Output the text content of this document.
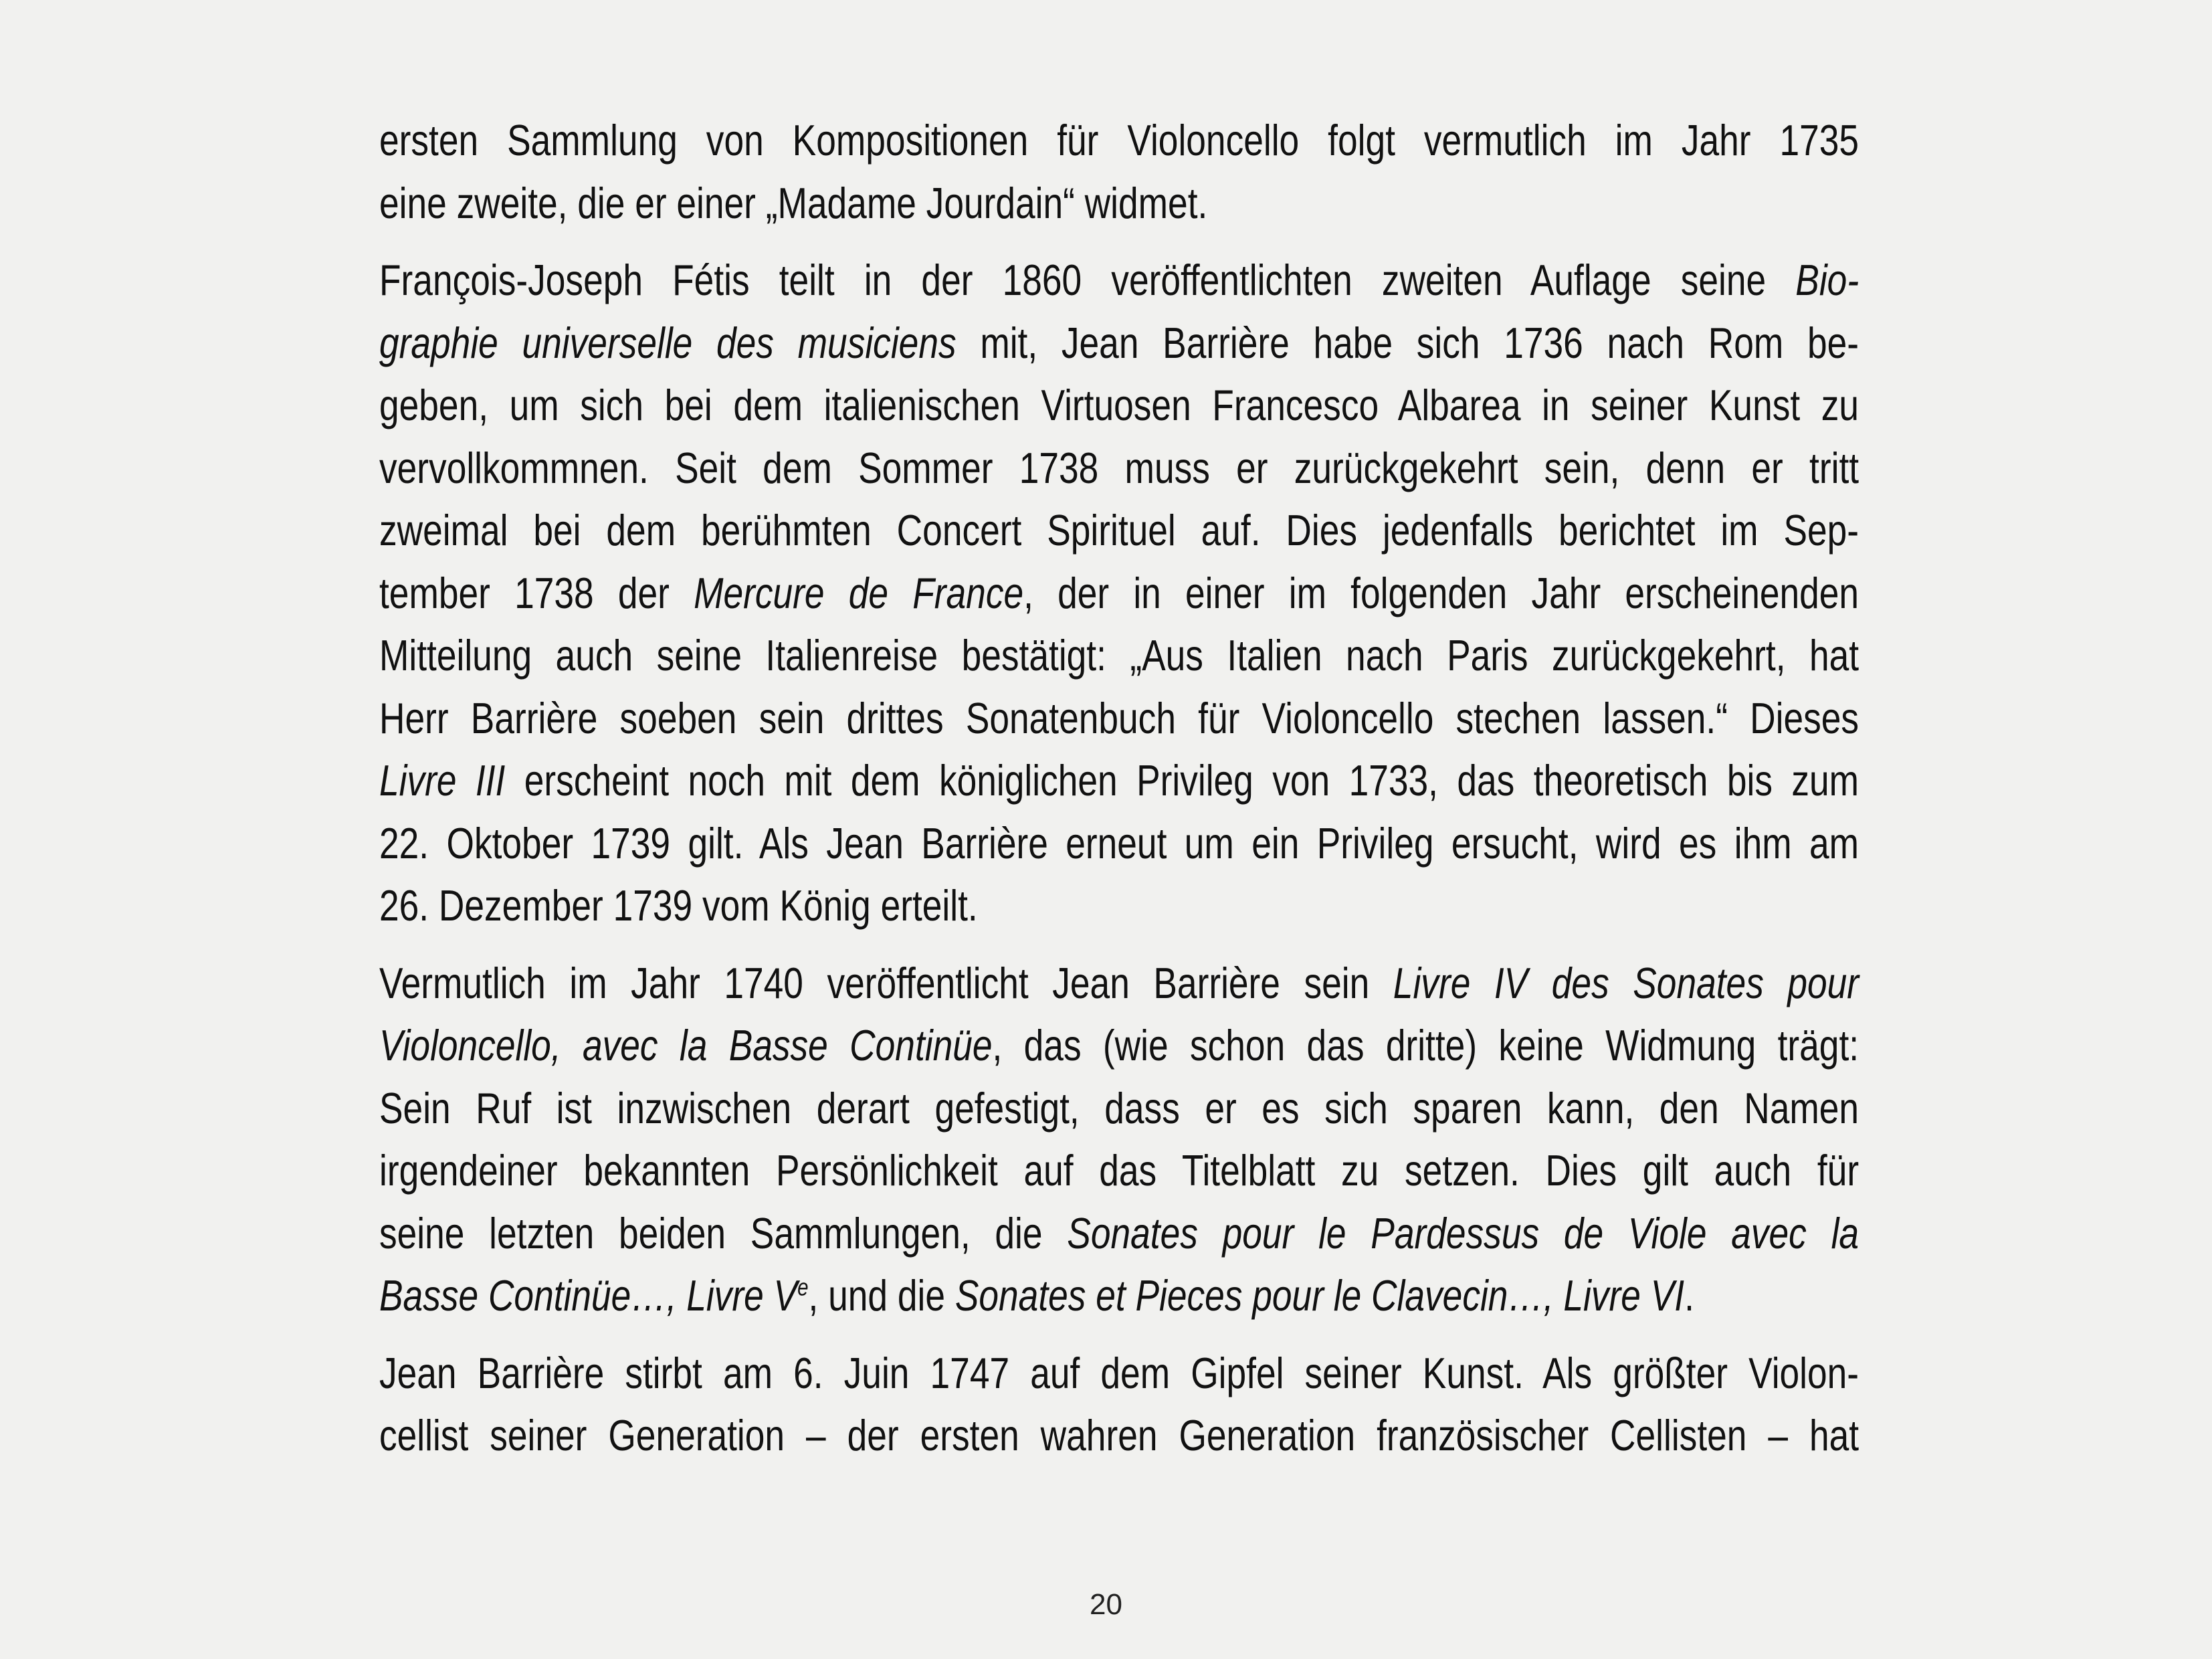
ersten Sammlung von Kompositionen für Violoncello folgt vermutlich im Jahr 1735
eine zweite, die er einer „Madame Jourdain“ widmet.
François-Joseph Fétis teilt in der 1860 veröffentlichten zweiten Auflage seine Bio-
graphie universelle des musiciens mit, Jean Barrière habe sich 1736 nach Rom be-
geben, um sich bei dem italienischen Virtuosen Francesco Albarea in seiner Kunst zu
vervollkommnen. Seit dem Sommer 1738 muss er zurückgekehrt sein, denn er tritt
zweimal bei dem berühmten Concert Spirituel auf. Dies jedenfalls berichtet im Sep-
tember 1738 der Mercure de France, der in einer im folgenden Jahr erscheinenden
Mitteilung auch seine Italienreise bestätigt: „Aus Italien nach Paris zurückgekehrt, hat
Herr Barrière soeben sein drittes Sonatenbuch für Violoncello stechen lassen.“ Dieses
Livre III erscheint noch mit dem königlichen Privileg von 1733, das theoretisch bis zum
22. Oktober 1739 gilt. Als Jean Barrière erneut um ein Privileg ersucht, wird es ihm am
26. Dezember 1739 vom König erteilt.
Vermutlich im Jahr 1740 veröffentlicht Jean Barrière sein Livre IV des Sonates pour
Violoncello, avec la Basse Continüe, das (wie schon das dritte) keine Widmung trägt:
Sein Ruf ist inzwischen derart gefestigt, dass er es sich sparen kann, den Namen
irgendeiner bekannten Persönlichkeit auf das Titelblatt zu setzen. Dies gilt auch für
seine letzten beiden Sammlungen, die Sonates pour le Pardessus de Viole avec la
Basse Continüe…, Livre Ve, und die Sonates et Pieces pour le Clavecin…, Livre VI.
Jean Barrière stirbt am 6. Juin 1747 auf dem Gipfel seiner Kunst. Als größter Violon-
cellist seiner Generation – der ersten wahren Generation französischer Cellisten – hat
20
